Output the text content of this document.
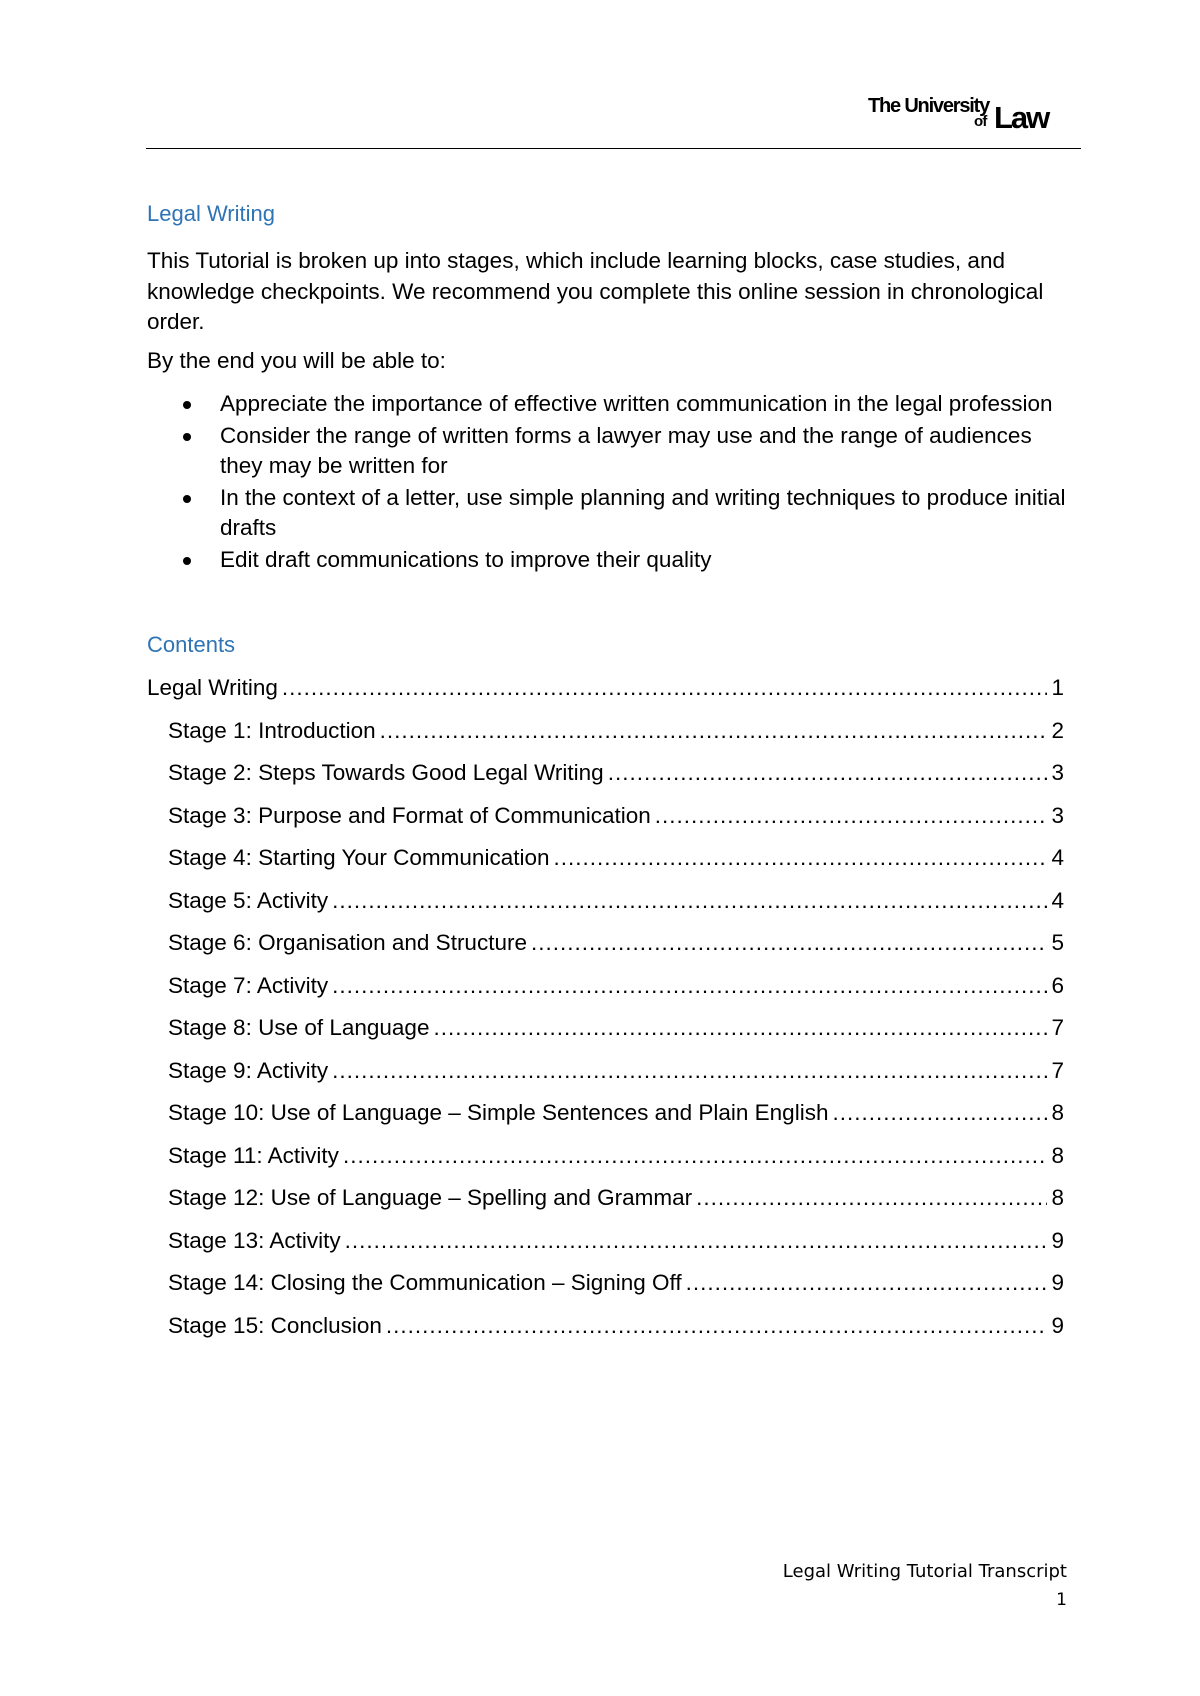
The University
of Law
Legal Writing

This Tutorial is broken up into stages, which include learning blocks, case studies, and knowledge checkpoints. We recommend you complete this online session in chronological order.

By the end you will be able to:

Appreciate the importance of effective written communication in the legal profession
Consider the range of written forms a lawyer may use and the range of audiences they may be written for
In the context of a letter, use simple planning and writing techniques to produce initial drafts
Edit draft communications to improve their quality
Contents
Legal Writing .....	1
Stage 1: Introduction .....	2
Stage 2: Steps Towards Good Legal Writing .....	3
Stage 3: Purpose and Format of Communication .....	3
Stage 4: Starting Your Communication .....	4
Stage 5: Activity .....	4
Stage 6: Organisation and Structure .....	5
Stage 7: Activity .....	6
Stage 8: Use of Language .....	7
Stage 9: Activity .....	7
Stage 10: Use of Language – Simple Sentences and Plain English .....	8
Stage 11: Activity .....	8
Stage 12: Use of Language – Spelling and Grammar .....	8
Stage 13: Activity .....	9
Stage 14: Closing the Communication – Signing Off .....	9
Stage 15: Conclusion .....	9
Legal Writing Tutorial Transcript
1
